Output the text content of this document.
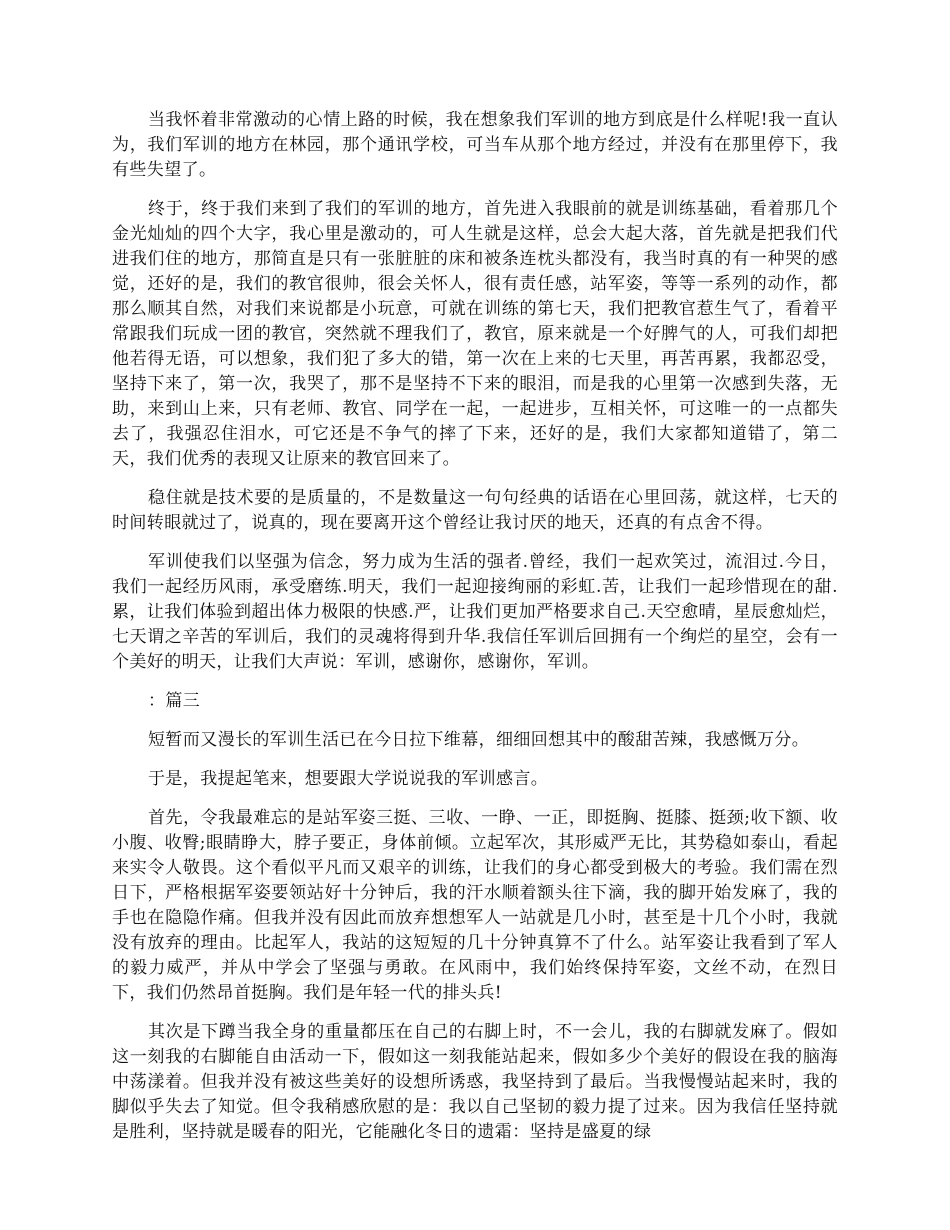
当我怀着非常激动的心情上路的时候，我在想象我们军训的地方到底是什么样呢!我一直认为，我们军训的地方在林园，那个通讯学校，可当车从那个地方经过，并没有在那里停下，我有些失望了。

终于，终于我们来到了我们的军训的地方，首先进入我眼前的就是训练基础，看着那几个金光灿灿的四个大字，我心里是激动的，可人生就是这样，总会大起大落，首先就是把我们代进我们住的地方，那简直是只有一张脏脏的床和被条连枕头都没有，我当时真的有一种哭的感觉，还好的是，我们的教官很帅，很会关怀人，很有责任感，站军姿，等等一系列的动作，都那么顺其自然，对我们来说都是小玩意，可就在训练的第七天，我们把教官惹生气了，看着平常跟我们玩成一团的教官，突然就不理我们了，教官，原来就是一个好脾气的人，可我们却把他若得无语，可以想象，我们犯了多大的错，第一次在上来的七天里，再苦再累，我都忍受，坚持下来了，第一次，我哭了，那不是坚持不下来的眼泪，而是我的心里第一次感到失落，无助，来到山上来，只有老师、教官、同学在一起，一起进步，互相关怀，可这唯一的一点都失去了，我强忍住泪水，可它还是不争气的摔了下来，还好的是，我们大家都知道错了，第二天，我们优秀的表现又让原来的教官回来了。

稳住就是技术要的是质量的，不是数量这一句句经典的话语在心里回荡，就这样，七天的时间转眼就过了，说真的，现在要离开这个曾经让我讨厌的地天，还真的有点舍不得。

军训使我们以坚强为信念，努力成为生活的强者.曾经，我们一起欢笑过，流泪过.今日，我们一起经历风雨，承受磨练.明天，我们一起迎接绚丽的彩虹.苦，让我们一起珍惜现在的甜.累，让我们体验到超出体力极限的快感.严，让我们更加严格要求自己.天空愈晴，星辰愈灿烂，七天谓之辛苦的军训后，我们的灵魂将得到升华.我信任军训后回拥有一个绚烂的星空，会有一个美好的明天，让我们大声说：军训，感谢你，感谢你，军训。

：篇三

短暂而又漫长的军训生活已在今日拉下维幕，细细回想其中的酸甜苦辣，我感慨万分。

于是，我提起笔来，想要跟大学说说我的军训感言。

首先，令我最难忘的是站军姿三挺、三收、一睁、一正，即挺胸、挺膝、挺颈;收下额、收小腹、收臀;眼睛睁大，脖子要正，身体前倾。立起军次，其形威严无比，其势稳如泰山，看起来实令人敬畏。这个看似平凡而又艰辛的训练，让我们的身心都受到极大的考验。我们需在烈日下，严格根据军姿要领站好十分钟后，我的汗水顺着额头往下滴，我的脚开始发麻了，我的手也在隐隐作痛。但我并没有因此而放弃想想军人一站就是几小时，甚至是十几个小时，我就没有放弃的理由。比起军人，我站的这短短的几十分钟真算不了什么。站军姿让我看到了军人的毅力威严，并从中学会了坚强与勇敢。在风雨中，我们始终保持军姿，文丝不动，在烈日下，我们仍然昂首挺胸。我们是年轻一代的排头兵!

其次是下蹲当我全身的重量都压在自己的右脚上时，不一会儿，我的右脚就发麻了。假如这一刻我的右脚能自由活动一下，假如这一刻我能站起来，假如多少个美好的假设在我的脑海中荡漾着。但我并没有被这些美好的设想所诱惑，我坚持到了最后。当我慢慢站起来时，我的脚似乎失去了知觉。但令我稍感欣慰的是：我以自己坚韧的毅力提了过来。因为我信任坚持就是胜利，坚持就是暖春的阳光，它能融化冬日的遗霜：坚持是盛夏的绿
